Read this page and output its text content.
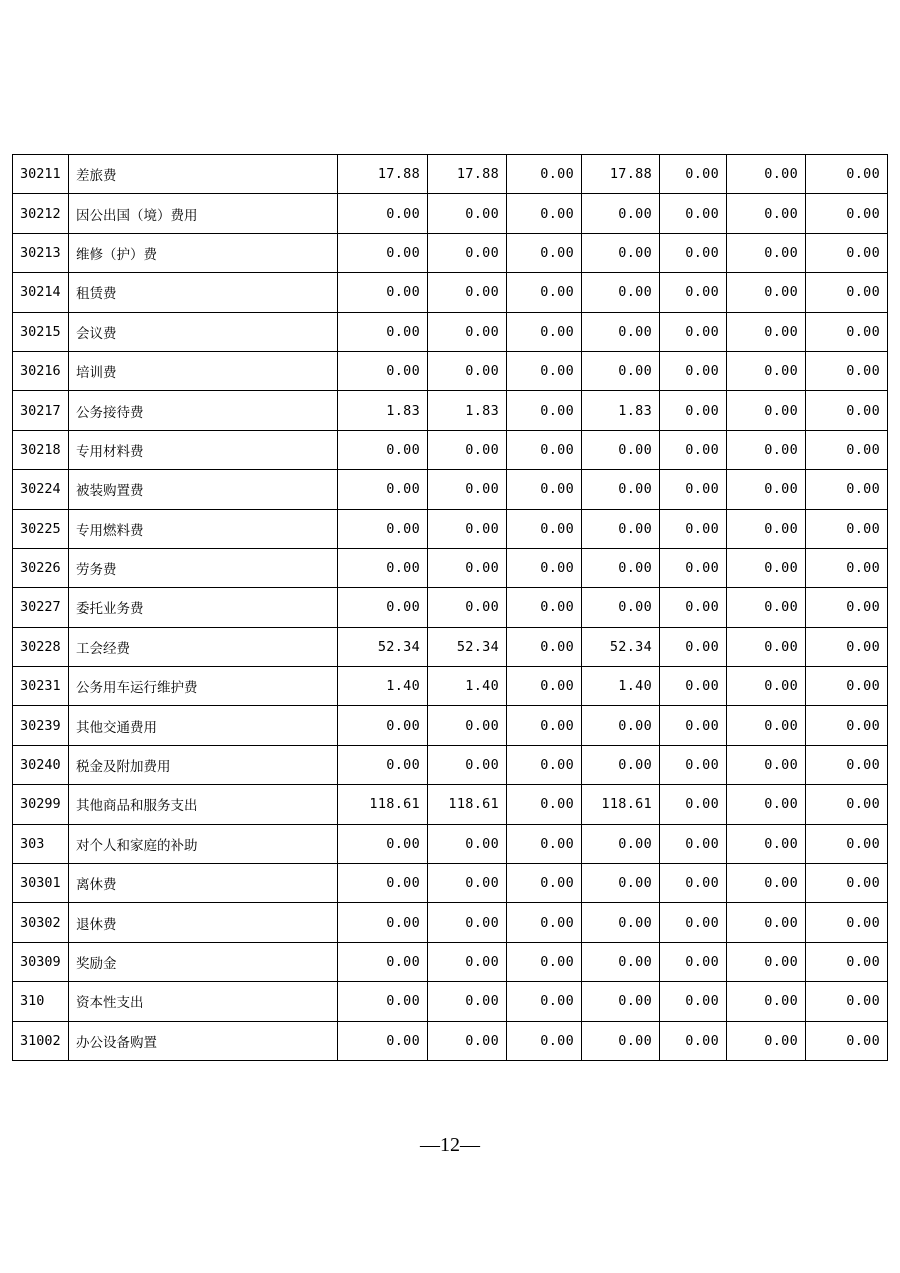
30211	差旅费	17.88	17.88	0.00	17.88	0.00	0.00	0.00
30212	因公出国（境）费用	0.00	0.00	0.00	0.00	0.00	0.00	0.00
30213	维修（护）费	0.00	0.00	0.00	0.00	0.00	0.00	0.00
30214	租赁费	0.00	0.00	0.00	0.00	0.00	0.00	0.00
30215	会议费	0.00	0.00	0.00	0.00	0.00	0.00	0.00
30216	培训费	0.00	0.00	0.00	0.00	0.00	0.00	0.00
30217	公务接待费	1.83	1.83	0.00	1.83	0.00	0.00	0.00
30218	专用材料费	0.00	0.00	0.00	0.00	0.00	0.00	0.00
30224	被装购置费	0.00	0.00	0.00	0.00	0.00	0.00	0.00
30225	专用燃料费	0.00	0.00	0.00	0.00	0.00	0.00	0.00
30226	劳务费	0.00	0.00	0.00	0.00	0.00	0.00	0.00
30227	委托业务费	0.00	0.00	0.00	0.00	0.00	0.00	0.00
30228	工会经费	52.34	52.34	0.00	52.34	0.00	0.00	0.00
30231	公务用车运行维护费	1.40	1.40	0.00	1.40	0.00	0.00	0.00
30239	其他交通费用	0.00	0.00	0.00	0.00	0.00	0.00	0.00
30240	税金及附加费用	0.00	0.00	0.00	0.00	0.00	0.00	0.00
30299	其他商品和服务支出	118.61	118.61	0.00	118.61	0.00	0.00	0.00
303	对个人和家庭的补助	0.00	0.00	0.00	0.00	0.00	0.00	0.00
30301	离休费	0.00	0.00	0.00	0.00	0.00	0.00	0.00
30302	退休费	0.00	0.00	0.00	0.00	0.00	0.00	0.00
30309	奖励金	0.00	0.00	0.00	0.00	0.00	0.00	0.00
310	资本性支出	0.00	0.00	0.00	0.00	0.00	0.00	0.00
31002	办公设备购置	0.00	0.00	0.00	0.00	0.00	0.00	0.00
—12—
